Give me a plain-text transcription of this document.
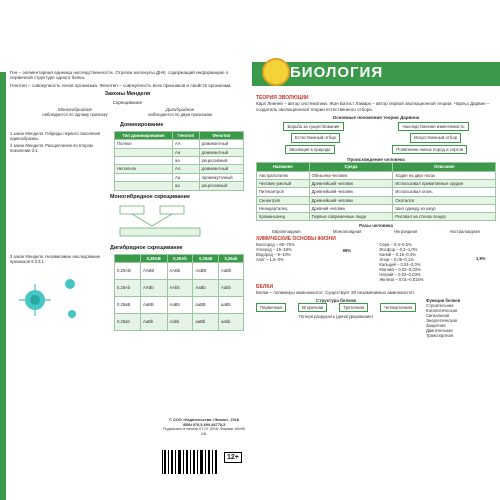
Ген – элементарная единица наследственности. Отрезок молекулы ДНК, содержащий информацию о первичной структуре одного белка.

Генотип – совокупность генов организма. Фенотип – совокупность всех признаков и свойств организма.

Законы Менделя
Скрещивание
Моногибридное
наблюдается по одному признаку
Дигибридное
наблюдается по двум признакам
Доминирование
1 закон Менделя. Гибриды первого поколения единообразны.
2 закон Менделя. Расщепление во втором поколении 3:1.
Тип доминирования	Генотип	Фенотип
Полное	АА	доминантный
	Аа	доминантный
	аа	рецессивный
Неполное	АА	доминантный
	Аа	промежуточный
	аа	рецессивный
Моногибридное скрещивание
Дигибридное скрещивание
3 закон Менделя. Независимое наследование признаков 9:3:3:1.
	0,25АВ	0,25Аb	0,25аВ	0,25аb
0,25АВ	ААВВ	ААВb	АаВВ	АаВb
0,25Аb	ААВb	ААbb	АаВb	Ааbb
0,25аВ	АаВВ	АаВb	ааВВ	ааВb
0,25аb	АаВb	Ааbb	ааВb	ааbb
© ООО «Издательство «Эксмо», 2018
ISBN 978-5-699-84778-5
Подписано в печать 07.07.2016. Формат 60x90 1/8.
12+
БИОЛОГИЯ
ТЕОРИЯ ЭВОЛЮЦИИ
Карл Линней – автор систематики. Жан Батист Ламарк – автор первой эволюционной теории. Чарльз Дарвин – создатель эволюционной теории естественного отбора.
Основные положения теории Дарвина
Борьба за существование	Наследственная изменчивость
Естественный отбор	Искусственный отбор
Эволюция в природе	Появление новых пород и сортов
Происхождение человека
Название	Среда	Описание
Австралопитек	Обезьяна-человек	Ходил на двух ногах
Человек умелый	Древнейший человек	Использовал примитивные орудия
Питекантроп	Древнейший человек	Использовал огонь
Синантроп	Древнейший человек	Охотился
Неандерталец	Древний человек	Шил одежду из шкур
Кроманьонец	Первые современные люди	Рисовал на стенах пещер
Расы человека
Европеоидная	Монголоидная	Негроидная	Австралоидная
ХИМИЧЕСКИЕ ОСНОВЫ ЖИЗНИ
Кислород – 65–75%
Углерод – 15–18%
Водород – 8–10%
Азот – 1,5–3%
98%
Сера – 0,4–0,5%
Фосфор – 0,2–1,0%
Калий – 0,15–0,4%
Хлор – 0,05–0,1%
Кальций – 0,04–2,0%
Магний – 0,02–0,03%
Натрий – 0,02–0,03%
Железо – 0,01–0,015%
1,9%
БЕЛКИ
Белки – полимеры аминокислот. Существует 20 незаменимых аминокислот.
Структура белков
Первичная	Вторичная	Третичная	Четвертичная
Потеря разрушить (денатурирование)
Функции белков
Строительная
Каталитическая
Сигнальная
Энергетическая
Защитная
Двигательная
Транспортная
